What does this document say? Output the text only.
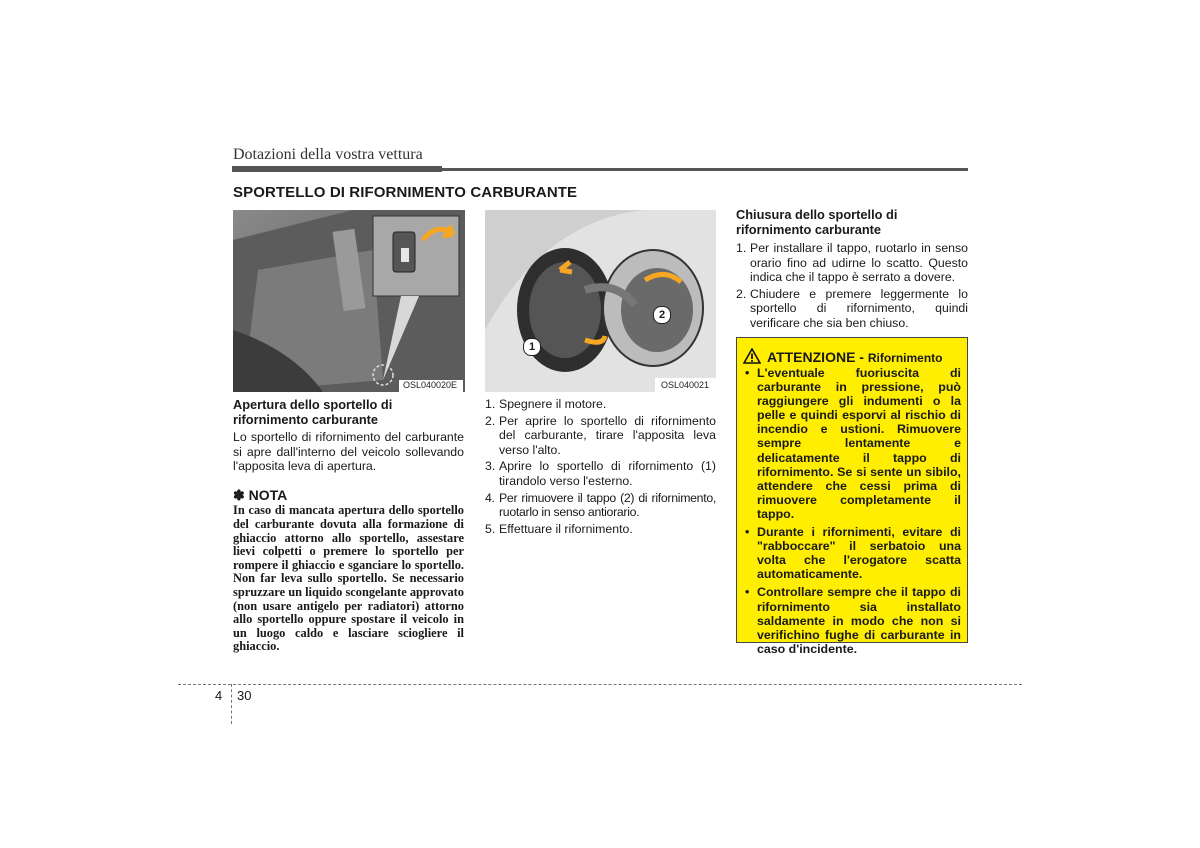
Dotazioni della vostra vettura
SPORTELLO DI RIFORNIMENTO CARBURANTE
OSL040020E
1
2
OSL040021
Apertura dello sportello di rifornimento carburante
Lo sportello di rifornimento del carburante si apre dall'interno del veicolo sollevando l'apposita leva di apertura.
✽ NOTA
In caso di mancata apertura dello sportello del carburante dovuta alla formazione di ghiaccio attorno allo sportello, assestare lievi colpetti o premere lo sportello per rompere il ghiaccio e sganciare lo sportello. Non far leva sullo sportello. Se necessario spruzzare un liquido scongelante approvato (non usare antigelo per radiatori) attorno allo sportello oppure spostare il veicolo in un luogo caldo e lasciare sciogliere il ghiaccio.
1. Spegnere il motore.
2. Per aprire lo sportello di rifornimento del carburante, tirare l'apposita leva verso l'alto.
3. Aprire lo sportello di rifornimento (1) tirandolo verso l'esterno.
4. Per rimuovere il tappo (2) di rifornimento, ruotarlo in senso antiorario.
5. Effettuare il rifornimento.
Chiusura dello sportello di rifornimento carburante
1. Per installare il tappo, ruotarlo in senso orario fino ad udirne lo scatto. Questo indica che il tappo è serrato a dovere.
2. Chiudere e premere leggermente lo sportello di rifornimento, quindi verificare che sia ben chiuso.
ATTENZIONE - Rifornimento
• L'eventuale fuoriuscita di carburante in pressione, può raggiungere gli indumenti o la pelle e quindi esporvi al rischio di incendio e ustioni. Rimuovere sempre lentamente e delicatamente il tappo di rifornimento. Se si sente un sibilo, attendere che cessi prima di rimuovere completamente il tappo.
• Durante i rifornimenti, evitare di "rabboccare" il serbatoio una volta che l'erogatore scatta automaticamente.
• Controllare sempre che il tappo di rifornimento sia installato saldamente in modo che non si verifichino fughe di carburante in caso d'incidente.
4 30
